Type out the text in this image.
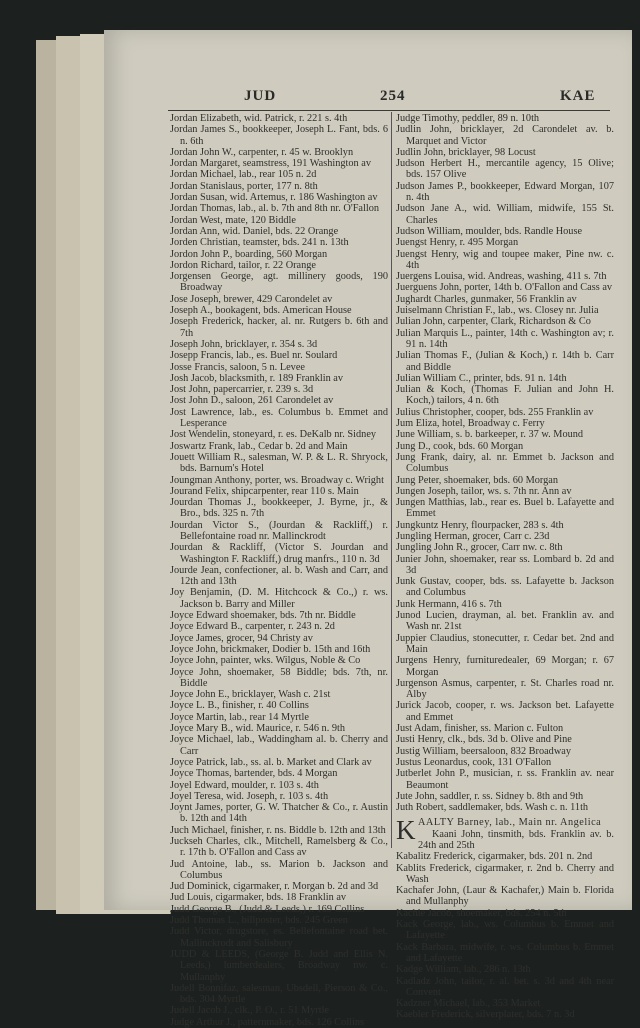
JUD	254	KAE
Jordan Elizabeth, wid. Patrick, r. 221 s. 4th
Jordan James S., bookkeeper, Joseph L. Fant, bds. 6 n. 6th
Jordan John W., carpenter, r. 45 w. Brooklyn
Jordan Margaret, seamstress, 191 Washington av
Jordan Michael, lab., rear 105 n. 2d
Jordan Stanislaus, porter, 177 n. 8th
Jordan Susan, wid. Artemus, r. 186 Washington av
Jordan Thomas, lab., al. b. 7th and 8th nr. O'Fallon
Jordan West, mate, 120 Biddle
Jordan Ann, wid. Daniel, bds. 22 Orange
Jorden Christian, teamster, bds. 241 n. 13th
Jordon John P., boarding, 560 Morgan
Jordon Richard, tailor, r. 22 Orange
Jorgensen George, agt. millinery goods, 190 Broadway
Jose Joseph, brewer, 429 Carondelet av
Joseph A., bookagent, bds. American House
Joseph Frederick, hacker, al. nr. Rutgers b. 6th and 7th
Joseph John, bricklayer, r. 354 s. 3d
Josepp Francis, lab., es. Buel nr. Soulard
Josse Francis, saloon, 5 n. Levee
Josh Jacob, blacksmith, r. 189 Franklin av
Jost John, papercarrier, r. 239 s. 3d
Jost John D., saloon, 261 Carondelet av
Jost Lawrence, lab., es. Columbus b. Emmet and Lesperance
Jost Wendelin, stoneyard, r. es. DeKalb nr. Sidney
Joswartz Frank, lab., Cedar b. 2d and Main
Jouett William R., salesman, W. P. & L. R. Shryock, bds. Barnum's Hotel
Joungman Anthony, porter, ws. Broadway c. Wright
Jourand Felix, shipcarpenter, rear 110 s. Main
Jourdan Thomas J., bookkeeper, J. Byrne, jr., & Bro., bds. 325 n. 7th
Jourdan Victor S., (Jourdan & Rackliff,) r. Bellefontaine road nr. Mallinckrodt
Jourdan & Rackliff, (Victor S. Jourdan and Washington F. Rackliff,) drug manfrs., 110 n. 3d
Jourde Jean, confectioner, al. b. Wash and Carr, and 12th and 13th
Joy Benjamin, (D. M. Hitchcock & Co.,) r. ws. Jackson b. Barry and Miller
Joyce Edward shoemaker, bds. 7th nr. Biddle
Joyce Edward B., carpenter, r. 243 n. 2d
Joyce James, grocer, 94 Christy av
Joyce John, brickmaker, Dodier b. 15th and 16th
Joyce John, painter, wks. Wilgus, Noble & Co
Joyce John, shoemaker, 58 Biddle; bds. 7th, nr. Biddle
Joyce John E., bricklayer, Wash c. 21st
Joyce L. B., finisher, r. 40 Collins
Joyce Martin, lab., rear 14 Myrtle
Joyce Mary B., wid. Maurice, r. 546 n. 9th
Joyce Michael, lab., Waddingham al. b. Cherry and Carr
Joyce Patrick, lab., ss. al. b. Market and Clark av
Joyce Thomas, bartender, bds. 4 Morgan
Joyel Edward, moulder, r. 103 s. 4th
Joyel Teresa, wid. Joseph, r. 103 s. 4th
Joynt James, porter, G. W. Thatcher & Co., r. Austin b. 12th and 14th
Juch Michael, finisher, r. ns. Biddle b. 12th and 13th
Juckseh Charles, clk., Mitchell, Ramelsberg & Co., r. 17th b. O'Fallon and Cass av
Jud Antoine, lab., ss. Marion b. Jackson and Columbus
Jud Dominick, cigarmaker, r. Morgan b. 2d and 3d
Jud Louis, cigarmaker, bds. 18 Franklin av
Judd George B., (Judd & Leeds,) r. 169 Collins
Judd Thomas L., billposter, bds. 245 Green
Judd Victor, drugstore, es. Bellefontaine road bet. Mallinckrodt and Salisbury
JUDD & LEEDS, (George B. Judd and Ellis N. Leeds,) lumberdealers, Broadway nw. c. Mullanphy
Judell Bonnifaz, salesman, Ubsdell, Pierson & Co., bds. 304 Myrtle
Judell Jacob J., clk., P. O., r. 51 Myrtle
Judge Arthur J., patternmaker, bds. 126 Collins
Judge Timothy, peddler, 89 n. 10th
Judlin John, bricklayer, 2d Carondelet av. b. Marquet and Victor
Judlin John, bricklayer, 98 Locust
Judson Herbert H., mercantile agency, 15 Olive; bds. 157 Olive
Judson James P., bookkeeper, Edward Morgan, 107 n. 4th
Judson Jane A., wid. William, midwife, 155 St. Charles
Judson William, moulder, bds. Randle House
Juengst Henry, r. 495 Morgan
Juengst Henry, wig and toupee maker, Pine nw. c. 4th
Juergens Louisa, wid. Andreas, washing, 411 s. 7th
Juerguens John, porter, 14th b. O'Fallon and Cass av
Jughardt Charles, gunmaker, 56 Franklin av
Juiselmann Christian F., lab., ws. Closey nr. Julia
Julian John, carpenter, Clark, Richardson & Co
Julian Marquis L., painter, 14th c. Washington av; r. 91 n. 14th
Julian Thomas F., (Julian & Koch,) r. 14th b. Carr and Biddle
Julian William C., printer, bds. 91 n. 14th
Julian & Koch, (Thomas F. Julian and John H. Koch,) tailors, 4 n. 6th
Julius Christopher, cooper, bds. 255 Franklin av
Jum Eliza, hotel, Broadway c. Ferry
June William, s. b. barkeeper, r. 37 w. Mound
Jung D., cook, bds. 60 Morgan
Jung Frank, dairy, al. nr. Emmet b. Jackson and Columbus
Jung Peter, shoemaker, bds. 60 Morgan
Jungen Joseph, tailor, ws. s. 7th nr. Ann av
Jungen Matthias, lab., rear es. Buel b. Lafayette and Emmet
Jungkuntz Henry, flourpacker, 283 s. 4th
Jungling Herman, grocer, Carr c. 23d
Jungling John R., grocer, Carr nw. c. 8th
Junier John, shoemaker, rear ss. Lombard b. 2d and 3d
Junk Gustav, cooper, bds. ss. Lafayette b. Jackson and Columbus
Junk Hermann, 416 s. 7th
Junod Lucien, drayman, al. bet. Franklin av. and Wash nr. 21st
Juppier Claudius, stonecutter, r. Cedar bet. 2nd and Main
Jurgens Henry, furnituredealer, 69 Morgan; r. 67 Morgan
Jurgenson Asmus, carpenter, r. St. Charles road nr. Alby
Jurick Jacob, cooper, r. ws. Jackson bet. Lafayette and Emmet
Just Adam, finisher, ss. Marion c. Fulton
Justi Henry, clk., bds. 3d b. Olive and Pine
Justig William, beersaloon, 832 Broadway
Justus Leonardus, cook, 131 O'Fallon
Jutberlet John P., musician, r. ss. Franklin av. near Beaumont
Jute John, saddler, r. ss. Sidney b. 8th and 9th
Juth Robert, saddlemaker, bds. Wash c. n. 11th
KAALTY Barney, lab., Main nr. Angelica
Kaani John, tinsmith, bds. Franklin av. b. 24th and 25th
Kabalitz Frederick, cigarmaker, bds. 201 n. 2nd
Kablits Frederick, cigarmaker, r. 2nd b. Cherry and Wash
Kachafer John, (Laur & Kachafer,) Main b. Florida and Mullanphy
Kachle Jacob, shoemaker, bds. 254 n. 5th
Kack George, lab., ws. Columbus b. Emmet and Lafayette
Kack Barbara, midwife, r. ws. Columbus b. Emmet and Lafayette
Kadge William, lab., 286 n. 13th
Kadladz John, tailor, r. al. bet. s. 3d and 4th near Convent
Kadzner Michael, lab., 353 Market
Kaebler Frederick, silverplater, bds. 7 n. 3d
